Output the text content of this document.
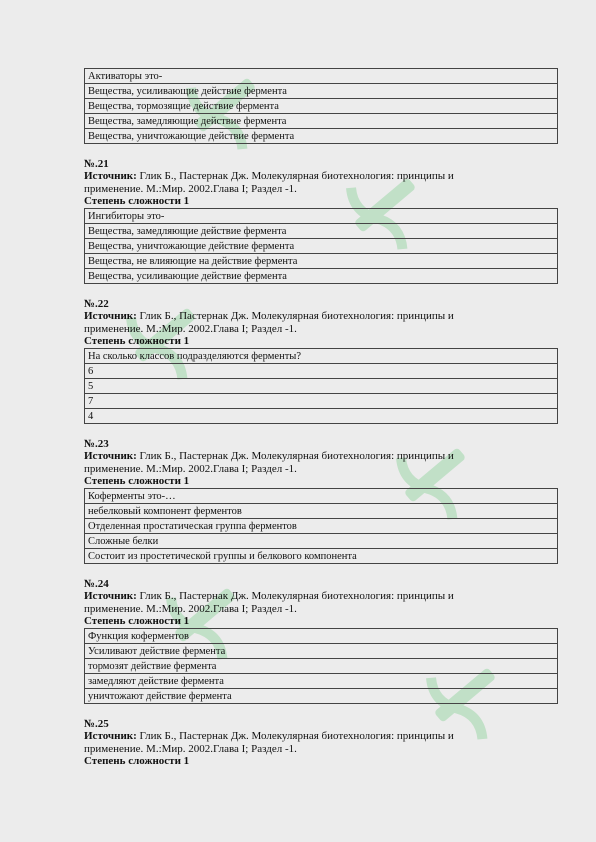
Активаторы это-
Вещества, усиливающие действие фермента
Вещества, тормозящие действие фермента
Вещества, замедляющие действие фермента
Вещества, уничтожающие действие фермента
№.21
Источник: Глик Б., Пастернак Дж. Молекулярная биотехнология: принципы и
применение. М.:Мир. 2002.Глава I; Раздел -1.
Степень сложности 1
Ингибиторы это-
Вещества, замедляющие действие фермента
Вещества, уничтожающие действие фермента
Вещества, не влияющие на действие фермента
Вещества, усиливающие действие фермента
№.22
Источник: Глик Б., Пастернак Дж. Молекулярная биотехнология: принципы и
применение. М.:Мир. 2002.Глава I; Раздел -1.
Степень сложности 1
На сколько классов подразделяются ферменты?
6
5
7
4
№.23
Источник: Глик Б., Пастернак Дж. Молекулярная биотехнология: принципы и
применение. М.:Мир. 2002.Глава I; Раздел -1.
Степень сложности 1
Коферменты это-…
небелковый компонент ферментов
Отделенная простатическая группа ферментов
Сложные белки
Состоит из простетической группы и белкового компонента
№.24
Источник: Глик Б., Пастернак Дж. Молекулярная биотехнология: принципы и
применение. М.:Мир. 2002.Глава I; Раздел -1.
Степень сложности 1
Функция коферментов
Усиливают действие фермента
тормозят действие фермента
замедляют действие фермента
уничтожают действие фермента
№.25
Источник: Глик Б., Пастернак Дж. Молекулярная биотехнология: принципы и
применение. М.:Мир. 2002.Глава I; Раздел -1.
Степень сложности 1
